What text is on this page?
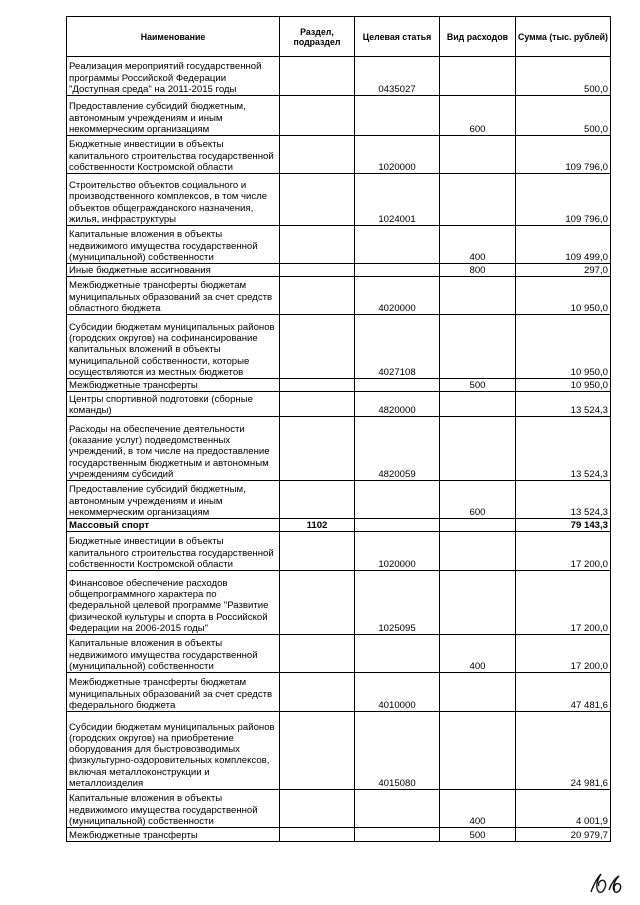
Наименование	Раздел, подраздел	Целевая статья	Вид расходов	Сумма (тыс. рублей)
Реализация мероприятий государственной программы Российской Федерации "Доступная среда" на 2011-2015 годы		0435027		500,0
Предоставление субсидий бюджетным, автономным учреждениям и иным некоммерческим организациям			600	500,0
Бюджетные инвестиции в объекты капитального строительства государственной собственности Костромской области		1020000		109 796,0
Строительство объектов социального и производственного комплексов, в том числе объектов общегражданского назначения, жилья, инфраструктуры		1024001		109 796,0
Капитальные вложения в объекты недвижимого имущества государственной (муниципальной) собственности			400	109 499,0
Иные бюджетные ассигнования			800	297,0
Межбюджетные трансферты бюджетам муниципальных образований за счет средств областного бюджета		4020000		10 950,0
Субсидии бюджетам муниципальных районов (городских округов) на софинансирование капитальных вложений в объекты муниципальной собственности, которые осуществляются из местных бюджетов		4027108		10 950,0
Межбюджетные трансферты			500	10 950,0
Центры спортивной подготовки (сборные команды)		4820000		13 524,3
Расходы на обеспечение деятельности (оказание услуг) подведомственных учреждений, в том числе на предоставление государственным бюджетным и автономным учреждениям субсидий		4820059		13 524,3
Предоставление субсидий бюджетным, автономным учреждениям и иным некоммерческим организациям			600	13 524,3
Массовый спорт	1102			79 143,3
Бюджетные инвестиции в объекты капитального строительства государственной собственности Костромской области		1020000		17 200,0
Финансовое обеспечение расходов общепрограммного характера по федеральной целевой программе "Развитие физической культуры и спорта в Российской Федерации на 2006-2015 годы"		1025095		17 200,0
Капитальные вложения в объекты недвижимого имущества государственной (муниципальной) собственности			400	17 200,0
Межбюджетные трансферты бюджетам муниципальных образований за счет средств федерального бюджета		4010000		47 481,6
Субсидии бюджетам муниципальных районов (городских округов) на приобретение оборудования для быстровозводимых физкультурно-оздоровительных комплексов, включая металлоконструкции и металлоизделия		4015080		24 981,6
Капитальные вложения в объекты недвижимого имущества государственной (муниципальной) собственности			400	4 001,9
Межбюджетные трансферты			500	20 979,7
